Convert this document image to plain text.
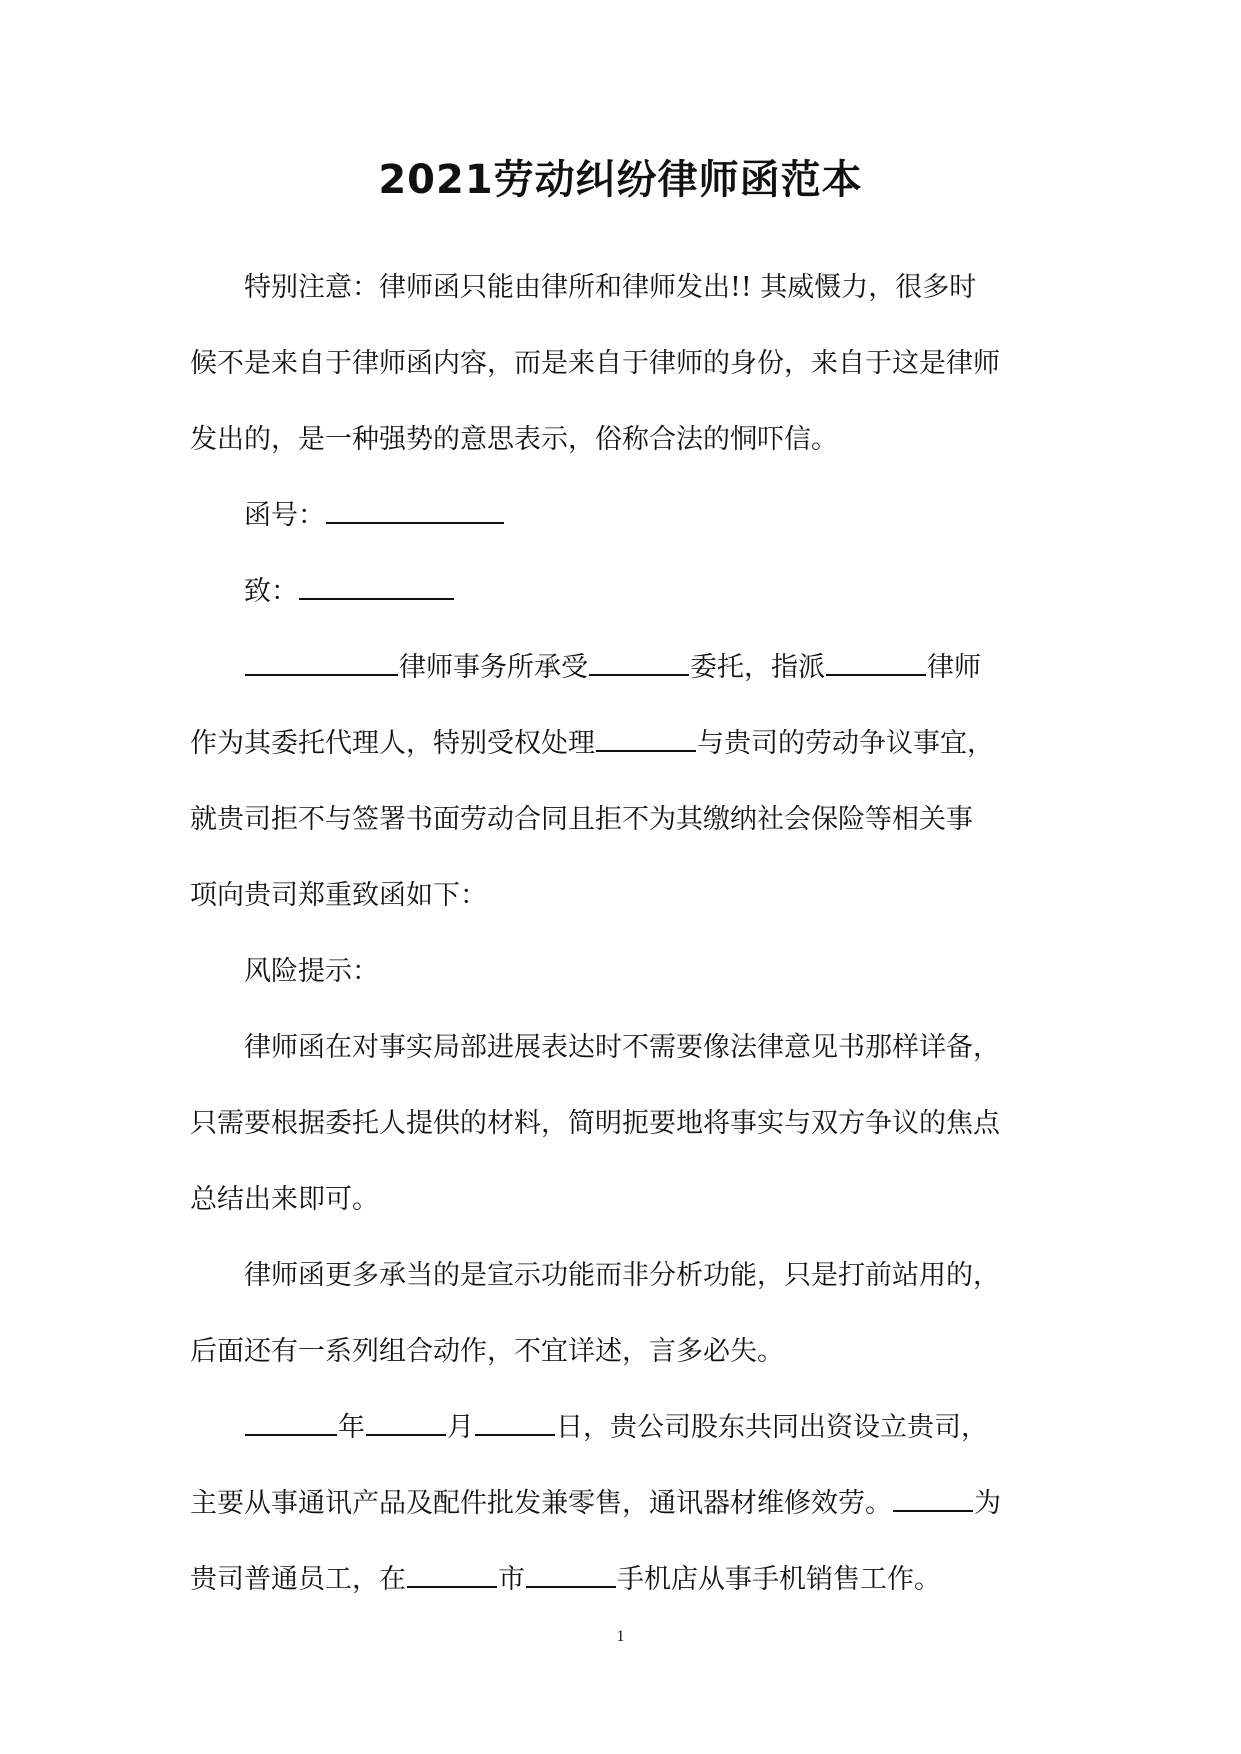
2021劳动纠纷律师函范本
特别注意：律师函只能由律所和律师发出!! 其威慑力，很多时
候不是来自于律师函内容，而是来自于律师的身份，来自于这是律师
发出的，是一种强势的意思表示，俗称合法的恫吓信。
函号：
致：
律师事务所承受	委托，指派	律师
作为其委托代理人，特别受权处理	与贵司的劳动争议事宜，
就贵司拒不与签署书面劳动合同且拒不为其缴纳社会保险等相关事
项向贵司郑重致函如下：
风险提示：
律师函在对事实局部进展表达时不需要像法律意见书那样详备，
只需要根据委托人提供的材料，简明扼要地将事实与双方争议的焦点
总结出来即可。
律师函更多承当的是宣示功能而非分析功能，只是打前站用的，
后面还有一系列组合动作，不宜详述，言多必失。
年	月	日，贵公司股东共同出资设立贵司，
主要从事通讯产品及配件批发兼零售，通讯器材维修效劳。	为
贵司普通员工，在	市	手机店从事手机销售工作。
1
